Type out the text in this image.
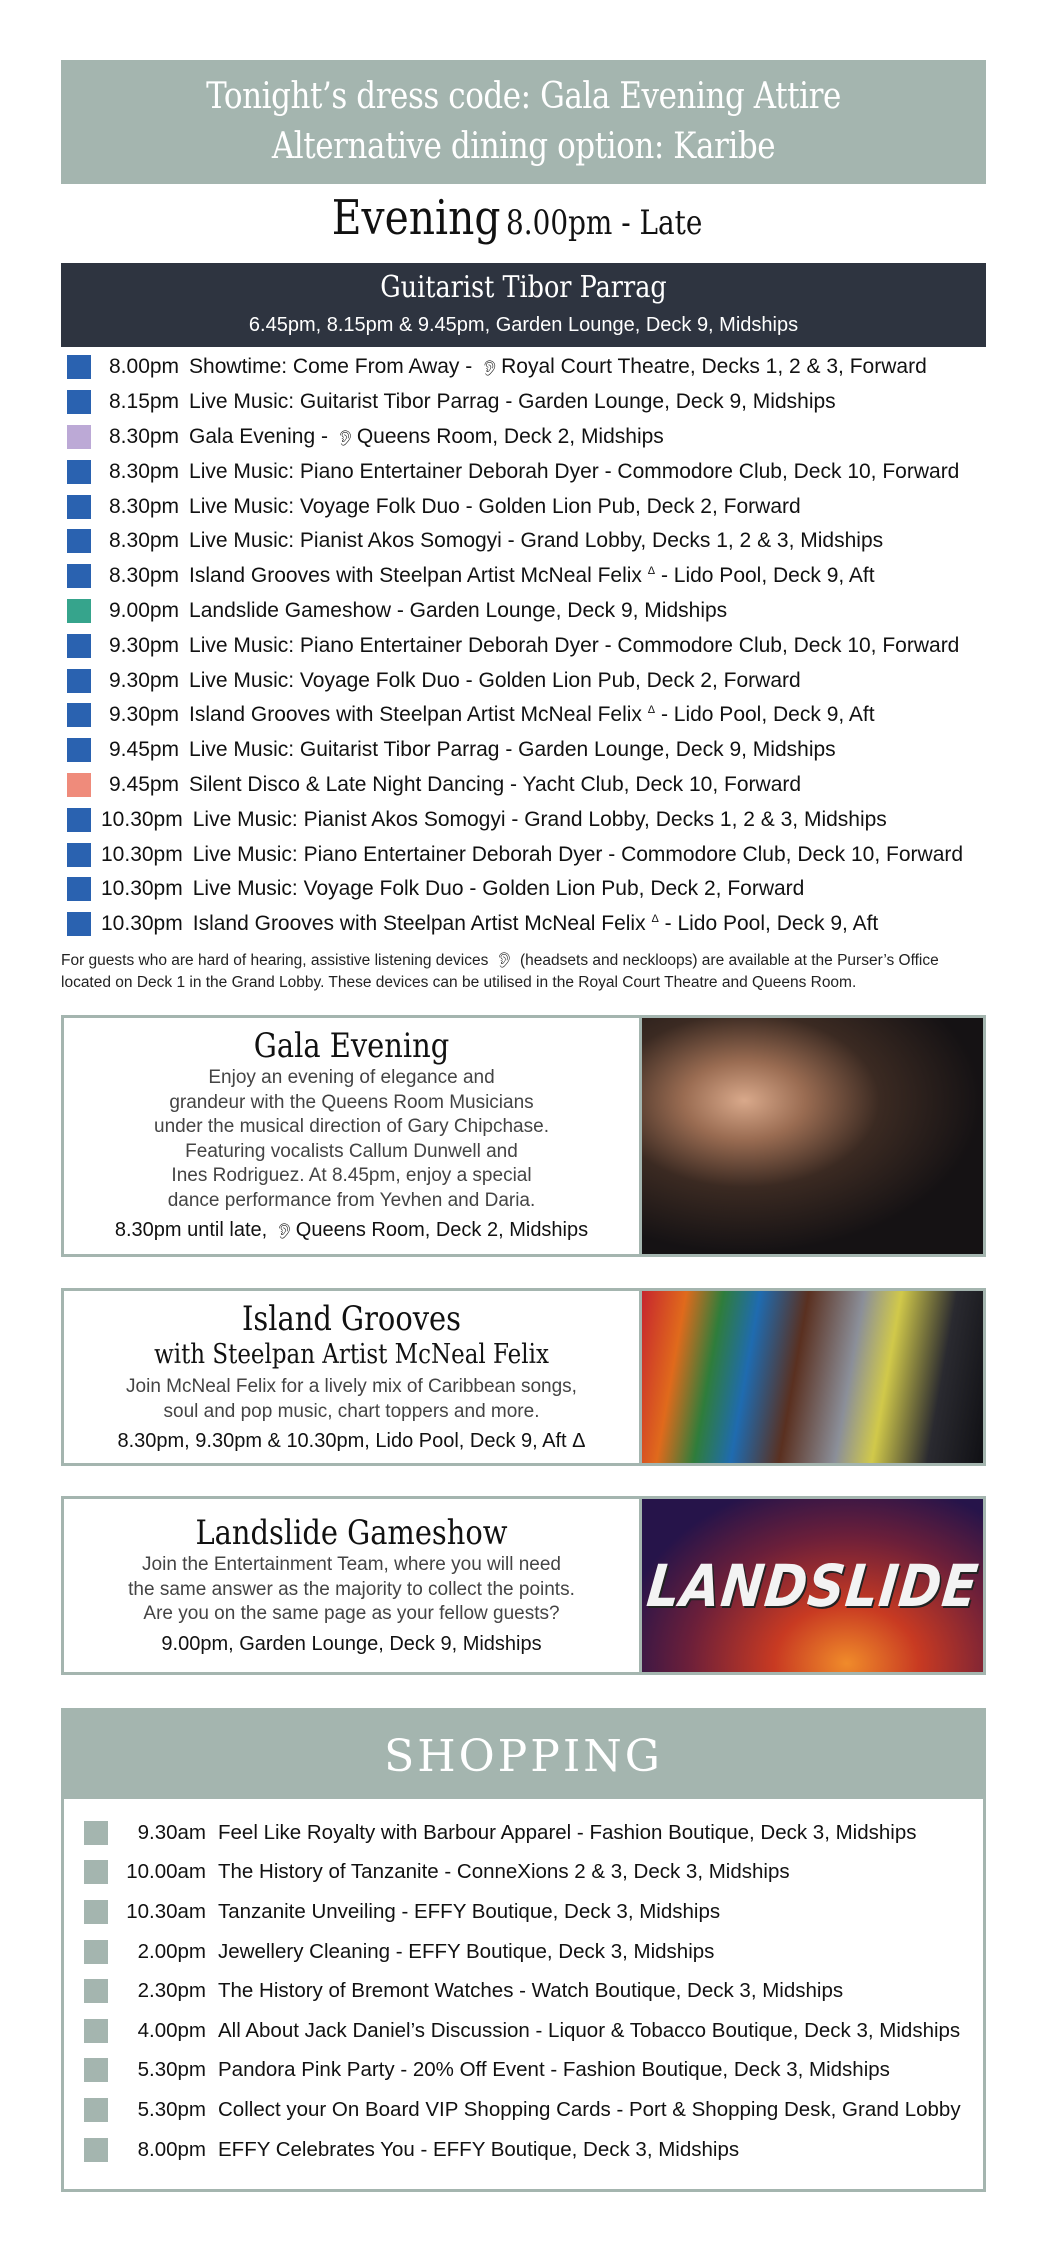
Tonight’s dress code: Gala Evening Attire
Alternative dining option: Karibe
Evening 8.00pm - Late
Guitarist Tibor Parrag
6.45pm, 8.15pm & 9.45pm, Garden Lounge, Deck 9, Midships
8.00pm Showtime: Come From Away - 👂︎Royal Court Theatre, Decks 1, 2 & 3, Forward
8.15pm Live Music: Guitarist Tibor Parrag - Garden Lounge, Deck 9, Midships
8.30pm Gala Evening - 👂︎Queens Room, Deck 2, Midships
8.30pm Live Music: Piano Entertainer Deborah Dyer - Commodore Club, Deck 10, Forward
8.30pm Live Music: Voyage Folk Duo - Golden Lion Pub, Deck 2, Forward
8.30pm Live Music: Pianist Akos Somogyi - Grand Lobby, Decks 1, 2 & 3, Midships
8.30pm Island Grooves with Steelpan Artist McNeal Felix $^\Delta$ - Lido Pool, Deck 9, Aft
9.00pm Landslide Gameshow - Garden Lounge, Deck 9, Midships
9.30pm Live Music: Piano Entertainer Deborah Dyer - Commodore Club, Deck 10, Forward
9.30pm Live Music: Voyage Folk Duo - Golden Lion Pub, Deck 2, Forward
9.30pm Island Grooves with Steelpan Artist McNeal Felix $^\Delta$ - Lido Pool, Deck 9, Aft
9.45pm Live Music: Guitarist Tibor Parrag - Garden Lounge, Deck 9, Midships
9.45pm Silent Disco & Late Night Dancing - Yacht Club, Deck 10, Forward
10.30pm Live Music: Pianist Akos Somogyi - Grand Lobby, Decks 1, 2 & 3, Midships
10.30pm Live Music: Piano Entertainer Deborah Dyer - Commodore Club, Deck 10, Forward
10.30pm Live Music: Voyage Folk Duo - Golden Lion Pub, Deck 2, Forward
10.30pm Island Grooves with Steelpan Artist McNeal Felix $^\Delta$ - Lido Pool, Deck 9, Aft
For guests who are hard of hearing, assistive listening devices 👂︎ (headsets and neckloops) are available at the Purser’s Office located on Deck 1 in the Grand Lobby. These devices can be utilised in the Royal Court Theatre and Queens Room.
Gala Evening
Enjoy an evening of elegance and
grandeur with the Queens Room Musicians
under the musical direction of Gary Chipchase.
Featuring vocalists Callum Dunwell and
Ines Rodriguez. At 8.45pm, enjoy a special
dance performance from Yevhen and Daria.
8.30pm until late, 👂︎ Queens Room, Deck 2, Midships
Island Grooves
with Steelpan Artist McNeal Felix
Join McNeal Felix for a lively mix of Caribbean songs,
soul and pop music, chart toppers and more.
8.30pm, 9.30pm & 10.30pm, Lido Pool, Deck 9, Aft Δ
Landslide Gameshow
Join the Entertainment Team, where you will need
the same answer as the majority to collect the points.
Are you on the same page as your fellow guests?
9.00pm, Garden Lounge, Deck 9, Midships
LANDSLIDE
SHOPPING
9.30am Feel Like Royalty with Barbour Apparel - Fashion Boutique, Deck 3, Midships
10.00am The History of Tanzanite - ConneXions 2 & 3, Deck 3, Midships
10.30am Tanzanite Unveiling - EFFY Boutique, Deck 3, Midships
2.00pm Jewellery Cleaning - EFFY Boutique, Deck 3, Midships
2.30pm The History of Bremont Watches - Watch Boutique, Deck 3, Midships
4.00pm All About Jack Daniel’s Discussion - Liquor & Tobacco Boutique, Deck 3, Midships
5.30pm Pandora Pink Party - 20% Off Event - Fashion Boutique, Deck 3, Midships
5.30pm Collect your On Board VIP Shopping Cards - Port & Shopping Desk, Grand Lobby
8.00pm EFFY Celebrates You - EFFY Boutique, Deck 3, Midships
